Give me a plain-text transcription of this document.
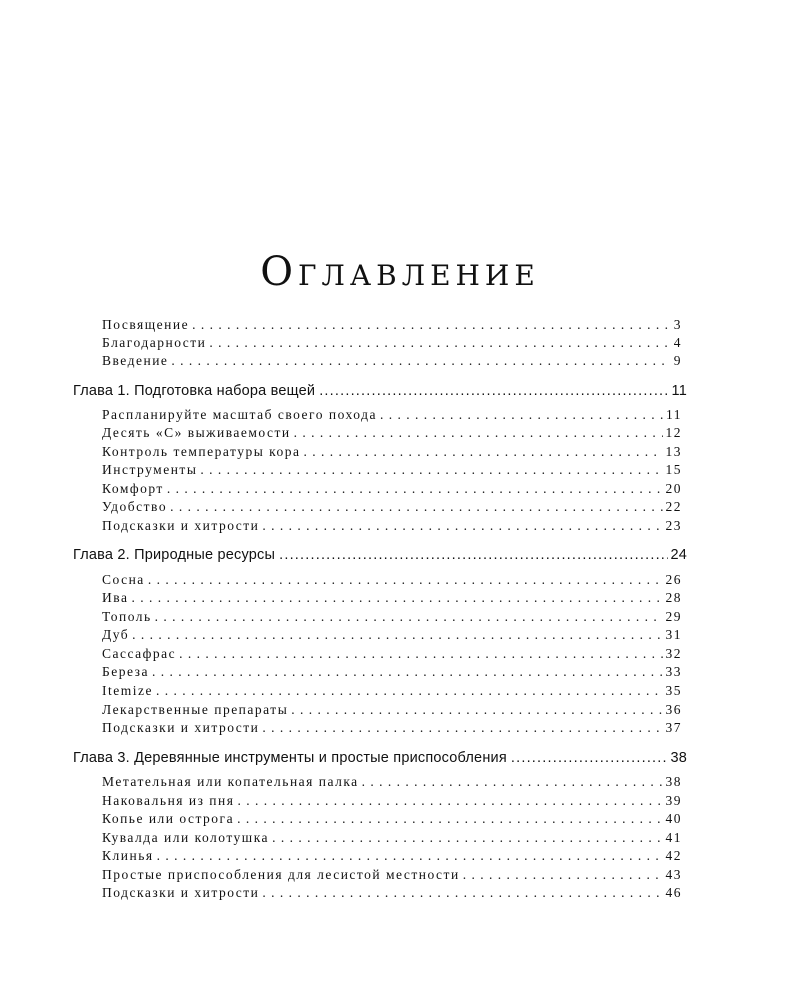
Оглавление
Посвящение . . .	3
Благодарности . . .	4
Введение . . .	9
Глава 1. Подготовка набора вещей .....	11
Распланируйте масштаб своего похода . . .	11
Десять «С» выживаемости . . .	12
Контроль температуры кора . . .	13
Инструменты . . .	15
Комфорт . . .	20
Удобство . . .	22
Подсказки и хитрости . . .	23
Глава 2. Природные ресурсы .....	24
Сосна . . .	26
Ива . . .	28
Тополь . . .	29
Дуб . . .	31
Сассафрас . . .	32
Береза . . .	33
Itemize . . .	35
Лекарственные препараты . . .	36
Подсказки и хитрости . . .	37
Глава 3. Деревянные инструменты и простые приспособления .....	38
Метательная или копательная палка . . .	38
Наковальня из пня . . .	39
Копье или острога . . .	40
Кувалда или колотушка . . .	41
Клинья . . .	42
Простые приспособления для лесистой местности . . .	43
Подсказки и хитрости . . .	46
